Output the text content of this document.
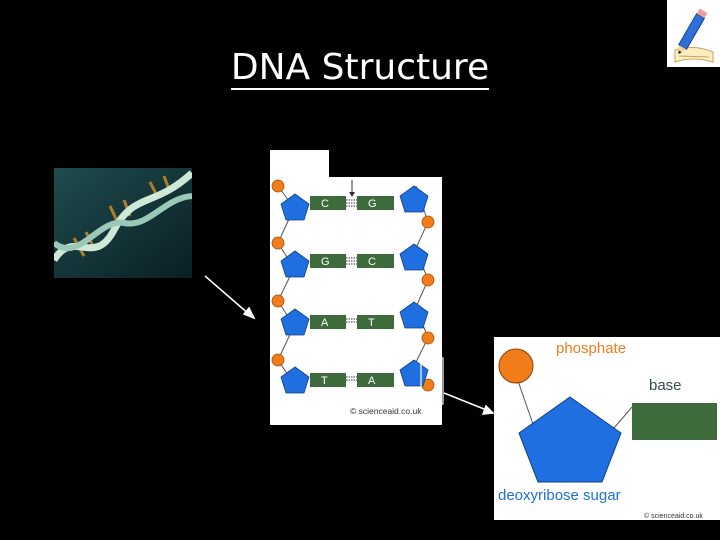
DNA Structure
C	G
G	C
A	T
T	A
© scienceaid.co.uk
phosphate
base
deoxyribose sugar
© scienceaid.co.uk
